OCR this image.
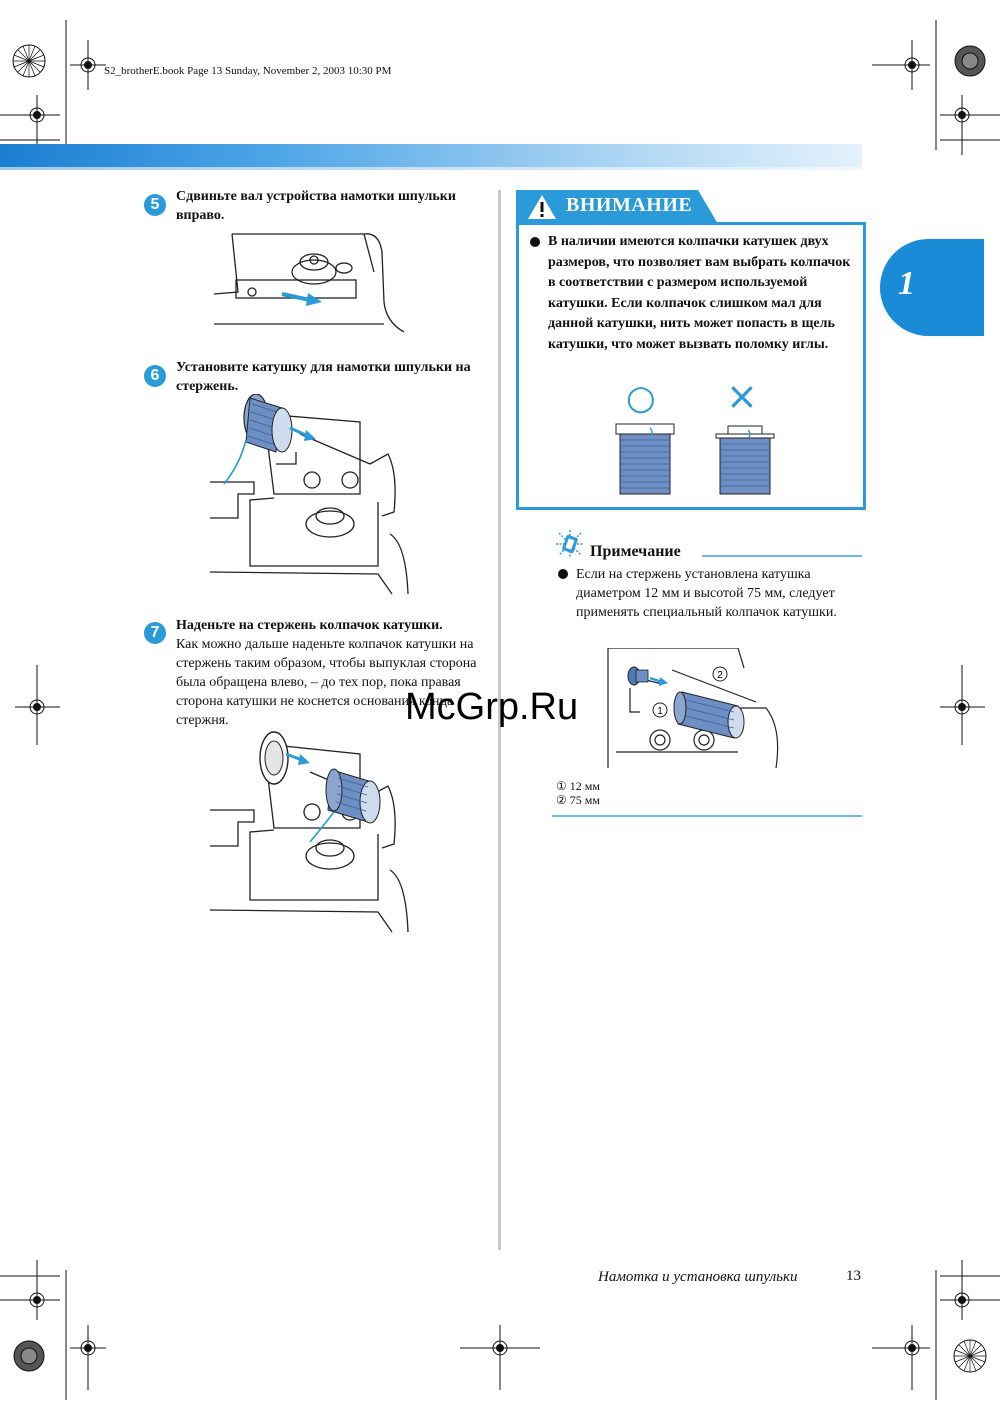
S2_brotherE.book Page 13 Sunday, November 2, 2003 10:30 PM
1
5	Сдвиньте вал устройства намотки шпульки вправо.
6	Установите катушку для намотки шпульки на стержень.
7	Наденьте на стержень колпачок катушки.
Как можно дальше наденьте колпачок катушки на стержень таким образом, чтобы выпуклая сторона была обращена влево, – до тех пор, пока правая сторона катушки не коснется основания конца стержня.
ВНИМАНИЕ
В наличии имеются колпачки катушек двух размеров, что позволяет вам выбрать колпачок в соответствии с размером используемой катушки. Если колпачок слишком мал для данной катушки, нить может попасть в щель катушки, что может вызвать поломку иглы.
○ ×
Примечание
Если на стержень установлена катушка диаметром 12 мм и высотой 75 мм, следует применять специальный колпачок катушки.
2
1
① 12 мм
② 75 мм
McGrp.Ru
Намотка и установка шпульки	13
